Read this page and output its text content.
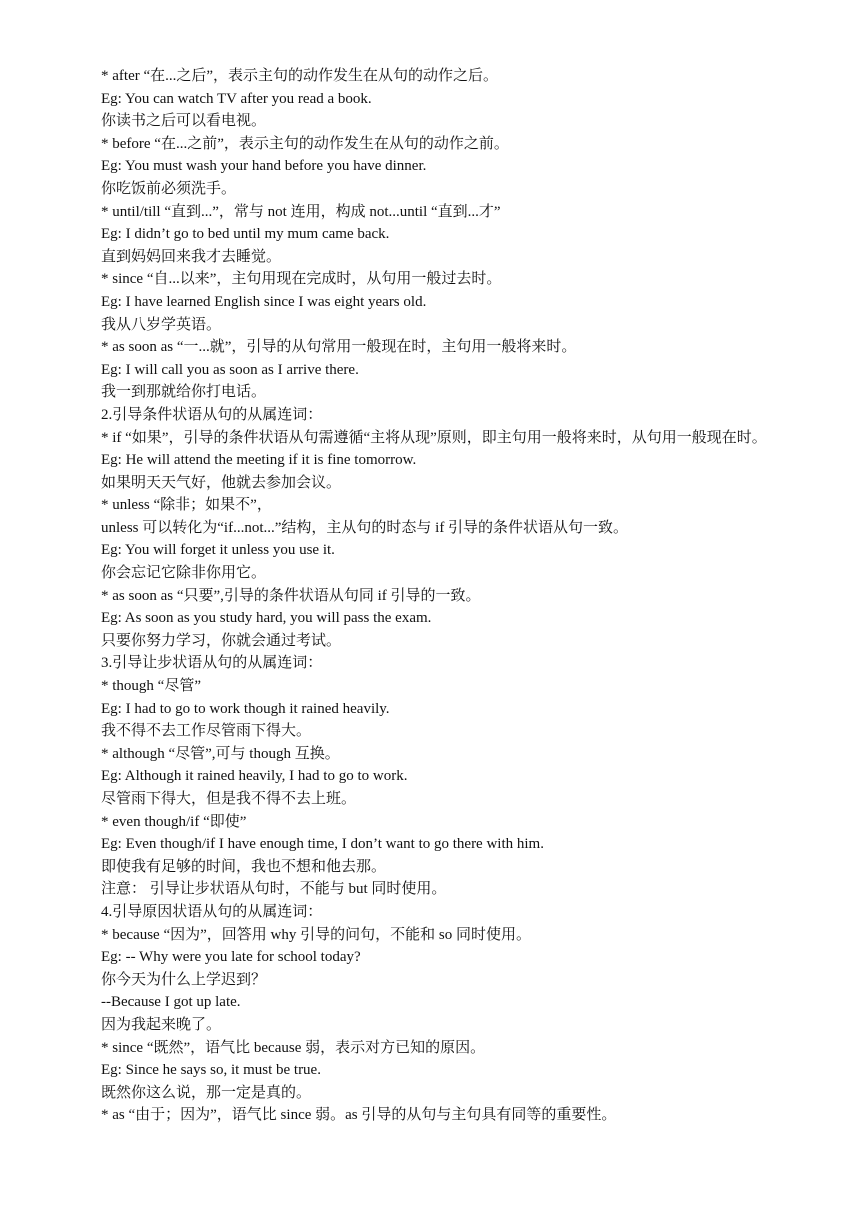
* after “在...之后”，表示主句的动作发生在从句的动作之后。
Eg: You can watch TV after you read a book.
你读书之后可以看电视。
* before “在...之前”，表示主句的动作发生在从句的动作之前。
Eg: You must wash your hand before you have dinner.
你吃饭前必须洗手。
* until/till “直到...”，常与 not 连用，构成 not...until “直到...才”
Eg: I didn’t go to bed until my mum came back.
直到妈妈回来我才去睡觉。
* since “自...以来”，主句用现在完成时，从句用一般过去时。
Eg: I have learned English since I was eight years old.
我从八岁学英语。
* as soon as “一...就”，引导的从句常用一般现在时，主句用一般将来时。
Eg: I will call you as soon as I arrive there.
我一到那就给你打电话。
2.引导条件状语从句的从属连词：
* if “如果”，引导的条件状语从句需遵循“主将从现”原则，即主句用一般将来时，从句用一般现在时。
Eg: He will attend the meeting if it is fine tomorrow.
如果明天天气好，他就去参加会议。
* unless “除非；如果不”，
unless 可以转化为“if...not...”结构，主从句的时态与 if 引导的条件状语从句一致。
Eg: You will forget it unless you use it.
你会忘记它除非你用它。
* as soon as “只要”,引导的条件状语从句同 if 引导的一致。
Eg: As soon as you study hard, you will pass the exam.
只要你努力学习，你就会通过考试。
3.引导让步状语从句的从属连词：
* though “尽管”
Eg: I had to go to work though it rained heavily.
我不得不去工作尽管雨下得大。
* although “尽管”,可与 though 互换。
Eg: Although it rained heavily, I had to go to work.
尽管雨下得大，但是我不得不去上班。
* even though/if “即使”
Eg: Even though/if I have enough time, I don’t want to go there with him.
即使我有足够的时间，我也不想和他去那。
注意： 引导让步状语从句时，不能与 but 同时使用。
4.引导原因状语从句的从属连词：
* because “因为”，回答用 why 引导的问句，不能和 so 同时使用。
Eg: -- Why were you late for school today?
你今天为什么上学迟到？
--Because I got up late.
因为我起来晚了。
* since “既然”，语气比 because 弱，表示对方已知的原因。
Eg: Since he says so, it must be true.
既然你这么说，那一定是真的。
* as “由于；因为”，语气比 since 弱。as 引导的从句与主句具有同等的重要性。
